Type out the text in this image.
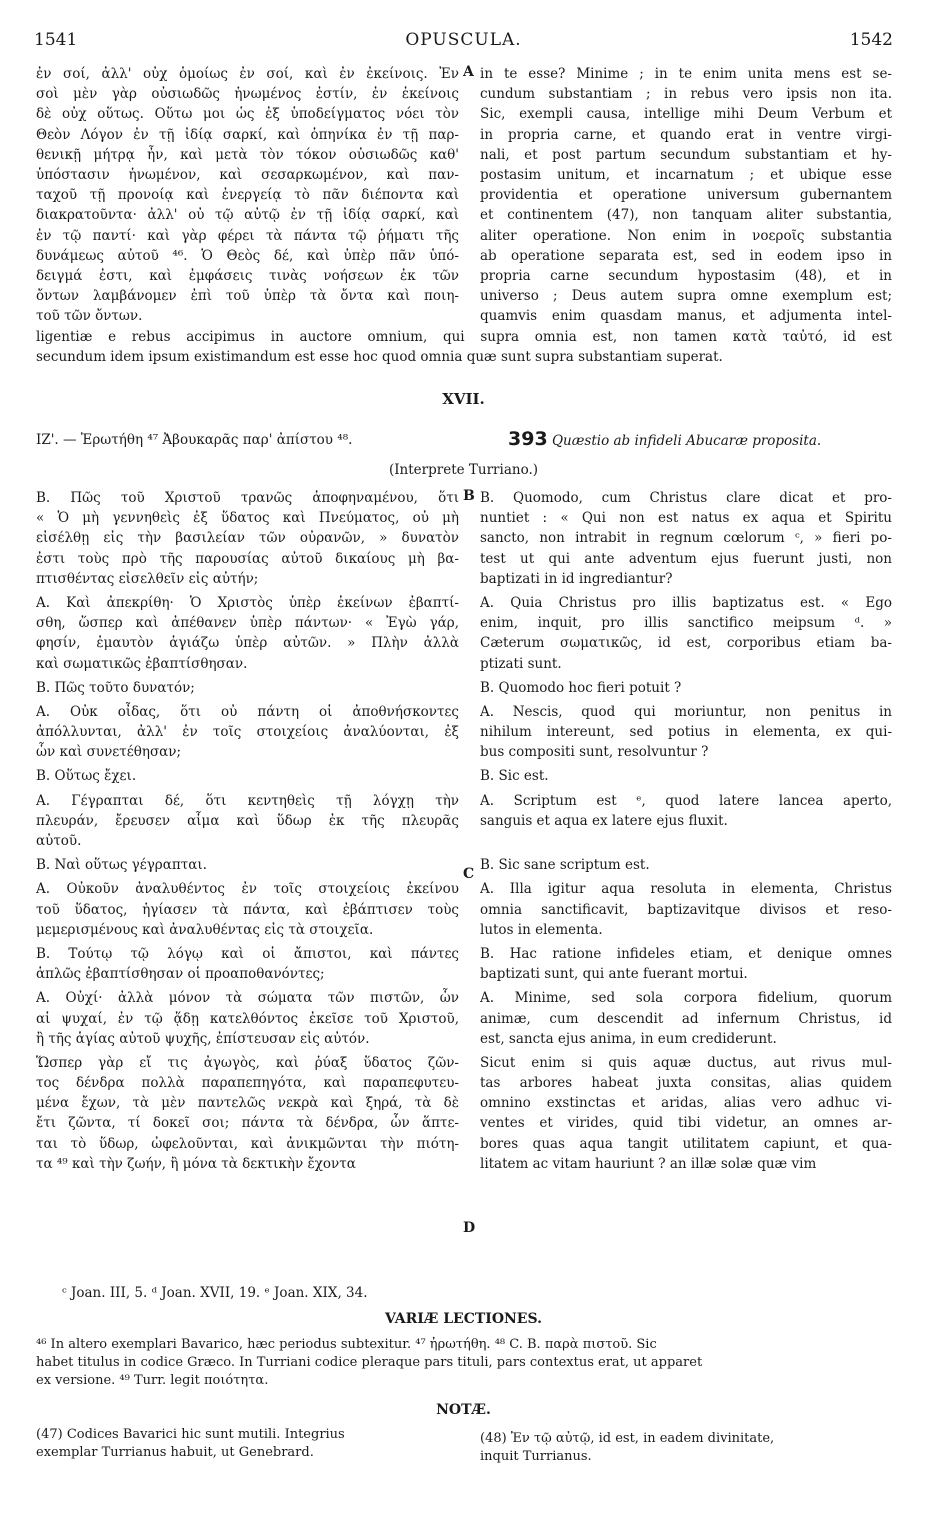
1541	OPUSCULA.	1542
ἐν σοί, ἀλλ' οὐχ ὁμοίως ἐν σοί, καὶ ἐν ἐκείνοις. Ἐν
σοὶ μὲν γὰρ οὐσιωδῶς ἡνωμένος ἐστίν, ἐν ἐκείνοις
δὲ οὐχ οὕτως. Οὕτω μοι ὡς ἐξ ὑποδείγματος νόει τὸν
Θεὸν Λόγον ἐν τῇ ἰδίᾳ σαρκί, καὶ ὁπηνίκα ἐν τῇ παρ-
θενικῇ μήτρᾳ ἦν, καὶ μετὰ τὸν τόκον οὐσιωδῶς καθ'
ὑπόστασιν ἡνωμένον, καὶ σεσαρκωμένον, καὶ παν-
ταχοῦ τῇ προνοίᾳ καὶ ἐνεργείᾳ τὸ πᾶν διέποντα καὶ
διακρατοῦντα· ἀλλ' οὐ τῷ αὐτῷ ἐν τῇ ἰδίᾳ σαρκί, καὶ
ἐν τῷ παντί· καὶ γὰρ φέρει τὰ πάντα τῷ ῥήματι τῆς
δυνάμεως αὐτοῦ ⁴⁶. Ὁ Θεὸς δέ, καὶ ὑπὲρ πᾶν ὑπό-
δειγμά ἐστι, καὶ ἐμφάσεις τινὰς νοήσεων ἐκ τῶν
ὄντων λαμβάνομεν ἐπὶ τοῦ ὑπὲρ τὰ ὄντα καὶ ποιη-
τοῦ τῶν ὄντων.
in te esse? Minime ; in te enim unita mens est se-
cundum substantiam ; in rebus vero ipsis non ita.
Sic, exempli causa, intellige mihi Deum Verbum et
in propria carne, et quando erat in ventre virgi-
nali, et post partum secundum substantiam et hy-
postasim unitum, et incarnatum ; et ubique esse
providentia et operatione universum gubernantem
et continentem (47), non tanquam aliter substantia,
aliter operatione. Non enim in νοεροῖς substantia
ab operatione separata est, sed in eodem ipso in
propria carne secundum hypostasim (48), et in
universo ; Deus autem supra omne exemplum est;
quamvis enim quasdam manus, et adjumenta intel-
A
ligentiæ e rebus accipimus in auctore omnium, qui supra omnia est, non tamen κατὰ ταὐτό, id est
secundum idem ipsum existimandum est esse hoc quod omnia quæ sunt supra substantiam superat.
XVII.
ΙΖ'. — Ἐρωτήθη ⁴⁷ Ἀβουκαρᾶς παρ' ἀπίστου ⁴⁸.	393 Quæstio ab infideli Abucaræ proposita.
(Interprete Turriano.)
Β. Πῶς τοῦ Χριστοῦ τρανῶς ἀποφηναμένου, ὅτι
« Ὁ μὴ γεννηθεὶς ἐξ ὕδατος καὶ Πνεύματος, οὐ μὴ
εἰσέλθῃ εἰς τὴν βασιλείαν τῶν οὐρανῶν, » δυνατὸν
ἐστι τοὺς πρὸ τῆς παρουσίας αὐτοῦ δικαίους μὴ βα-
πτισθέντας εἰσελθεῖν εἰς αὐτήν;
Α. Καὶ ἀπεκρίθη· Ὁ Χριστὸς ὑπὲρ ἐκείνων ἐβαπτί-
σθη, ὥσπερ καὶ ἀπέθανεν ὑπὲρ πάντων· « Ἐγὼ γάρ,
φησίν, ἐμαυτὸν ἁγιάζω ὑπὲρ αὐτῶν. » Πλὴν ἀλλὰ
καὶ σωματικῶς ἐβαπτίσθησαν.
Β. Πῶς τοῦτο δυνατόν;
Α. Οὐκ οἶδας, ὅτι οὐ πάντη οἱ ἀποθνήσκοντες
ἀπόλλυνται, ἀλλ' ἐν τοῖς στοιχείοις ἀναλύονται, ἐξ
ὧν καὶ συνετέθησαν;
Β. Οὕτως ἔχει.
Α. Γέγραπται δέ, ὅτι κεντηθεὶς τῇ λόγχῃ τὴν
πλευράν, ἔρευσεν αἷμα καὶ ὕδωρ ἐκ τῆς πλευρᾶς
αὐτοῦ.
Β. Ναὶ οὕτως γέγραπται.
Α. Οὐκοῦν ἀναλυθέντος ἐν τοῖς στοιχείοις ἐκείνου
τοῦ ὕδατος, ἡγίασεν τὰ πάντα, καὶ ἐβάπτισεν τοὺς
μεμερισμένους καὶ ἀναλυθέντας εἰς τὰ στοιχεῖα.
Β. Τούτῳ τῷ λόγῳ καὶ οἱ ἄπιστοι, καὶ πάντες
ἁπλῶς ἐβαπτίσθησαν οἱ προαποθανόντες;
Α. Οὐχί· ἀλλὰ μόνον τὰ σώματα τῶν πιστῶν, ὧν
αἱ ψυχαί, ἐν τῷ ᾅδῃ κατελθόντος ἐκεῖσε τοῦ Χριστοῦ,
ἢ τῆς ἁγίας αὐτοῦ ψυχῆς, ἐπίστευσαν εἰς αὐτόν.
Ὥσπερ γὰρ εἴ τις ἀγωγὸς, καὶ ῥύαξ ὕδατος ζῶν-
τος δένδρα πολλὰ παραπεπηγότα, καὶ παραπεφυτευ-
μένα ἔχων, τὰ μὲν παντελῶς νεκρὰ καὶ ξηρά, τὰ δὲ
ἔτι ζῶντα, τί δοκεῖ σοι; πάντα τὰ δένδρα, ὧν ἅπτε-
ται τὸ ὕδωρ, ὠφελοῦνται, καὶ ἀνικμῶνται τὴν πιότη-
τα ⁴⁹ καὶ τὴν ζωήν, ἢ μόνα τὰ δεκτικὴν ἔχοντα
B. Quomodo, cum Christus clare dicat et pro-
nuntiet : « Qui non est natus ex aqua et Spiritu
sancto, non intrabit in regnum cœlorum ᶜ, » fieri po-
test ut qui ante adventum ejus fuerunt justi, non
baptizati in id ingrediantur?
A. Quia Christus pro illis baptizatus est. « Ego
enim, inquit, pro illis sanctifico meipsum ᵈ. »
Cæterum σωματικῶς, id est, corporibus etiam ba-
ptizati sunt.
B. Quomodo hoc fieri potuit ?
A. Nescis, quod qui moriuntur, non penitus in
nihilum intereunt, sed potius in elementa, ex qui-
bus compositi sunt, resolvuntur ?
B. Sic est.
A. Scriptum est ᵉ, quod latere lancea aperto,
sanguis et aqua ex latere ejus fluxit.
B. Sic sane scriptum est.
A. Illa igitur aqua resoluta in elementa, Christus
omnia sanctificavit, baptizavitque divisos et reso-
lutos in elementa.
B. Hac ratione infideles etiam, et denique omnes
baptizati sunt, qui ante fuerant mortui.
A. Minime, sed sola corpora fidelium, quorum
animæ, cum descendit ad infernum Christus, id
est, sancta ejus anima, in eum crediderunt.
Sicut enim si quis aquæ ductus, aut rivus mul-
tas arbores habeat juxta consitas, alias quidem
omnino exstinctas et aridas, alias vero adhuc vi-
ventes et virides, quid tibi videtur, an omnes ar-
bores quas aqua tangit utilitatem capiunt, et qua-
litatem ac vitam hauriunt ? an illæ solæ quæ vim
B
C
D
ᶜ Joan. III, 5. ᵈ Joan. XVII, 19. ᵉ Joan. XIX, 34.
VARIÆ LECTIONES.
⁴⁶ In altero exemplari Bavarico, hæc periodus subtexitur. ⁴⁷ ἠρωτήθη. ⁴⁸ C. B. παρὰ πιστοῦ. Sic
habet titulus in codice Græco. In Turriani codice pleraque pars tituli, pars contextus erat, ut apparet
ex versione. ⁴⁹ Turr. legit ποιότητα.
NOTÆ.
(47) Codices Bavarici hic sunt mutili. Integrius
exemplar Turrianus habuit, ut Genebrard.
(48) Ἐν τῷ αὐτῷ, id est, in eadem divinitate,
inquit Turrianus.
